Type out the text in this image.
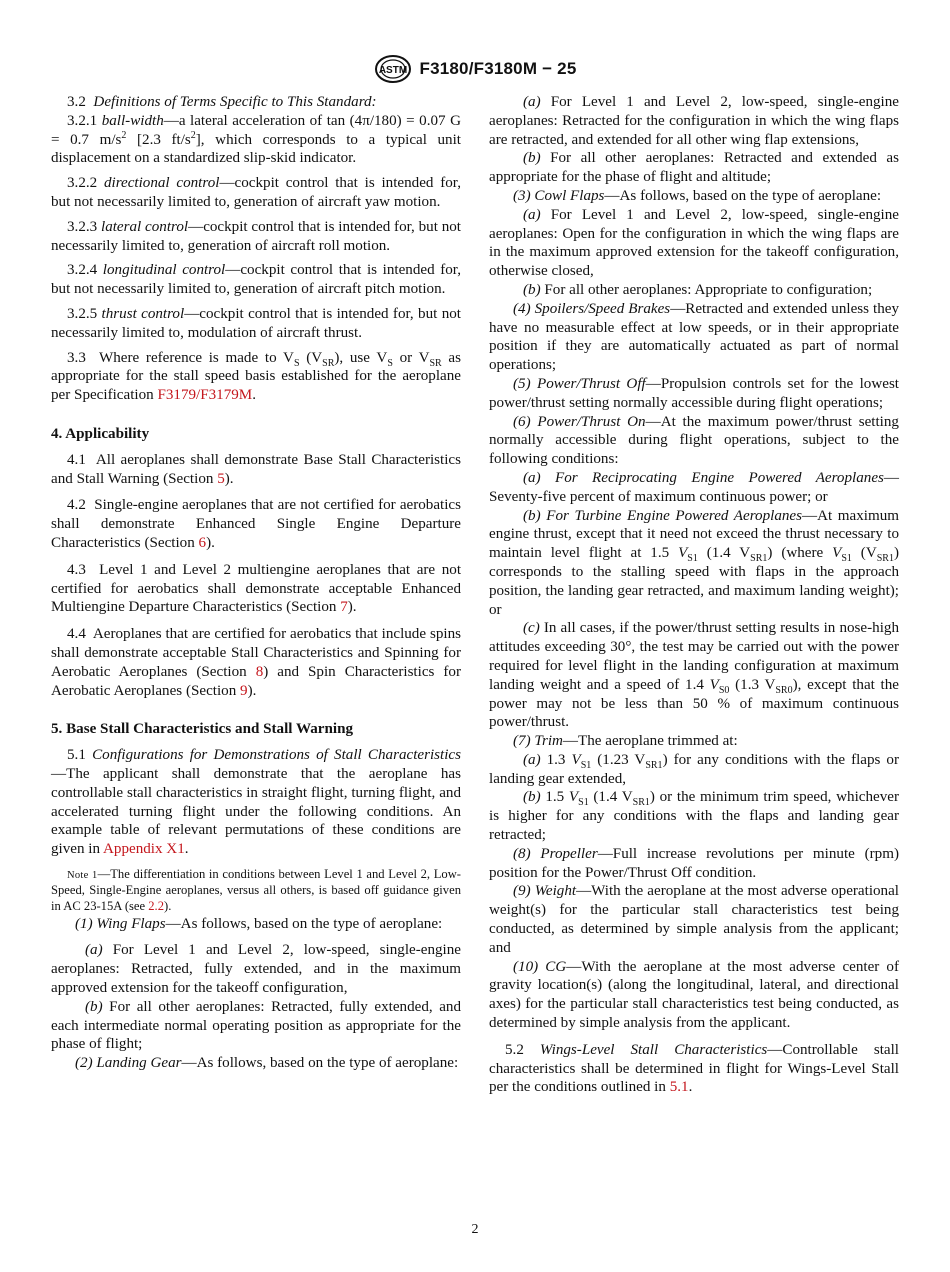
ASTM F3180/F3180M − 25

3.2 Definitions of Terms Specific to This Standard:

3.2.1 ball-width—a lateral acceleration of tan (4π/180) = 0.07 G = 0.7 $m/s^2$ [2.3 $ft/s^2$], which corresponds to a typical unit displacement on a standardized slip-skid indicator.

3.2.2 directional control—cockpit control that is intended for, but not necessarily limited to, generation of aircraft yaw motion.

3.2.3 lateral control—cockpit control that is intended for, but not necessarily limited to, generation of aircraft roll motion.

3.2.4 longitudinal control—cockpit control that is intended for, but not necessarily limited to, generation of aircraft pitch motion.

3.2.5 thrust control—cockpit control that is intended for, but not necessarily limited to, modulation of aircraft thrust.

3.3 Where reference is made to $V_S$ $(V_{SR})$, use $V_S$ or $V_{SR}$ as appropriate for the stall speed basis established for the aeroplane per Specification F3179/F3179M.

4. Applicability

4.1 All aeroplanes shall demonstrate Base Stall Characteristics and Stall Warning (Section 5).

4.2 Single-engine aeroplanes that are not certified for aerobatics shall demonstrate Enhanced Single Engine Departure Characteristics (Section 6).

4.3 Level 1 and Level 2 multiengine aeroplanes that are not certified for aerobatics shall demonstrate acceptable Enhanced Multiengine Departure Characteristics (Section 7).

4.4 Aeroplanes that are certified for aerobatics that include spins shall demonstrate acceptable Stall Characteristics and Spinning for Aerobatic Aeroplanes (Section 8) and Spin Characteristics for Aerobatic Aeroplanes (Section 9).

5. Base Stall Characteristics and Stall Warning

5.1 Configurations for Demonstrations of Stall Characteristics—The applicant shall demonstrate that the aeroplane has controllable stall characteristics in straight flight, turning flight, and accelerated turning flight under the following conditions. An example table of relevant permutations of these conditions are given in Appendix X1.

Note 1—The differentiation in conditions between Level 1 and Level 2, Low-Speed, Single-Engine aeroplanes, versus all others, is based off guidance given in AC 23-15A (see 2.2).

(1) Wing Flaps—As follows, based on the type of aeroplane:

(a) For Level 1 and Level 2, low-speed, single-engine aeroplanes: Retracted, fully extended, and in the maximum approved extension for the takeoff configuration,

(b) For all other aeroplanes: Retracted, fully extended, and each intermediate normal operating position as appropriate for the phase of flight;

(2) Landing Gear—As follows, based on the type of aeroplane:

(a) For Level 1 and Level 2, low-speed, single-engine aeroplanes: Retracted for the configuration in which the wing flaps are retracted, and extended for all other wing flap extensions,

(b) For all other aeroplanes: Retracted and extended as appropriate for the phase of flight and altitude;

(3) Cowl Flaps—As follows, based on the type of aeroplane:

(a) For Level 1 and Level 2, low-speed, single-engine aeroplanes: Open for the configuration in which the wing flaps are in the maximum approved extension for the takeoff configuration, otherwise closed,

(b) For all other aeroplanes: Appropriate to configuration;

(4) Spoilers/Speed Brakes—Retracted and extended unless they have no measurable effect at low speeds, or in their appropriate position if they are automatically actuated as part of normal operations;

(5) Power/Thrust Off—Propulsion controls set for the lowest power/thrust setting normally accessible during flight operations;

(6) Power/Thrust On—At the maximum power/thrust setting normally accessible during flight operations, subject to the following conditions:

(a) For Reciprocating Engine Powered Aeroplanes—Seventy-five percent of maximum continuous power; or

(b) For Turbine Engine Powered Aeroplanes—At maximum engine thrust, except that it need not exceed the thrust necessary to maintain level flight at 1.5 $V_{S1}$ (1.4 $V_{SR1}$) (where $V_{S1}$ $(V_{SR1})$ corresponds to the stalling speed with flaps in the approach position, the landing gear retracted, and maximum landing weight); or

(c) In all cases, if the power/thrust setting results in nose-high attitudes exceeding 30°, the test may be carried out with the power required for level flight in the landing configuration at maximum landing weight and a speed of 1.4 $V_{S0}$ (1.3 $V_{SR0}$), except that the power may not be less than 50 % of maximum continuous power/thrust.

(7) Trim—The aeroplane trimmed at:

(a) 1.3 $V_{S1}$ (1.23 $V_{SR1}$) for any conditions with the flaps or landing gear extended,

(b) 1.5 $V_{S1}$ (1.4 $V_{SR1}$) or the minimum trim speed, whichever is higher for any conditions with the flaps and landing gear retracted;

(8) Propeller—Full increase revolutions per minute (rpm) position for the Power/Thrust Off condition.

(9) Weight—With the aeroplane at the most adverse operational weight(s) for the particular stall characteristics test being conducted, as determined by simple analysis from the applicant; and

(10) CG—With the aeroplane at the most adverse center of gravity location(s) (along the longitudinal, lateral, and directional axes) for the particular stall characteristics test being conducted, as determined by simple analysis from the applicant.

5.2 Wings-Level Stall Characteristics—Controllable stall characteristics shall be determined in flight for Wings-Level Stall per the conditions outlined in 5.1.

2
